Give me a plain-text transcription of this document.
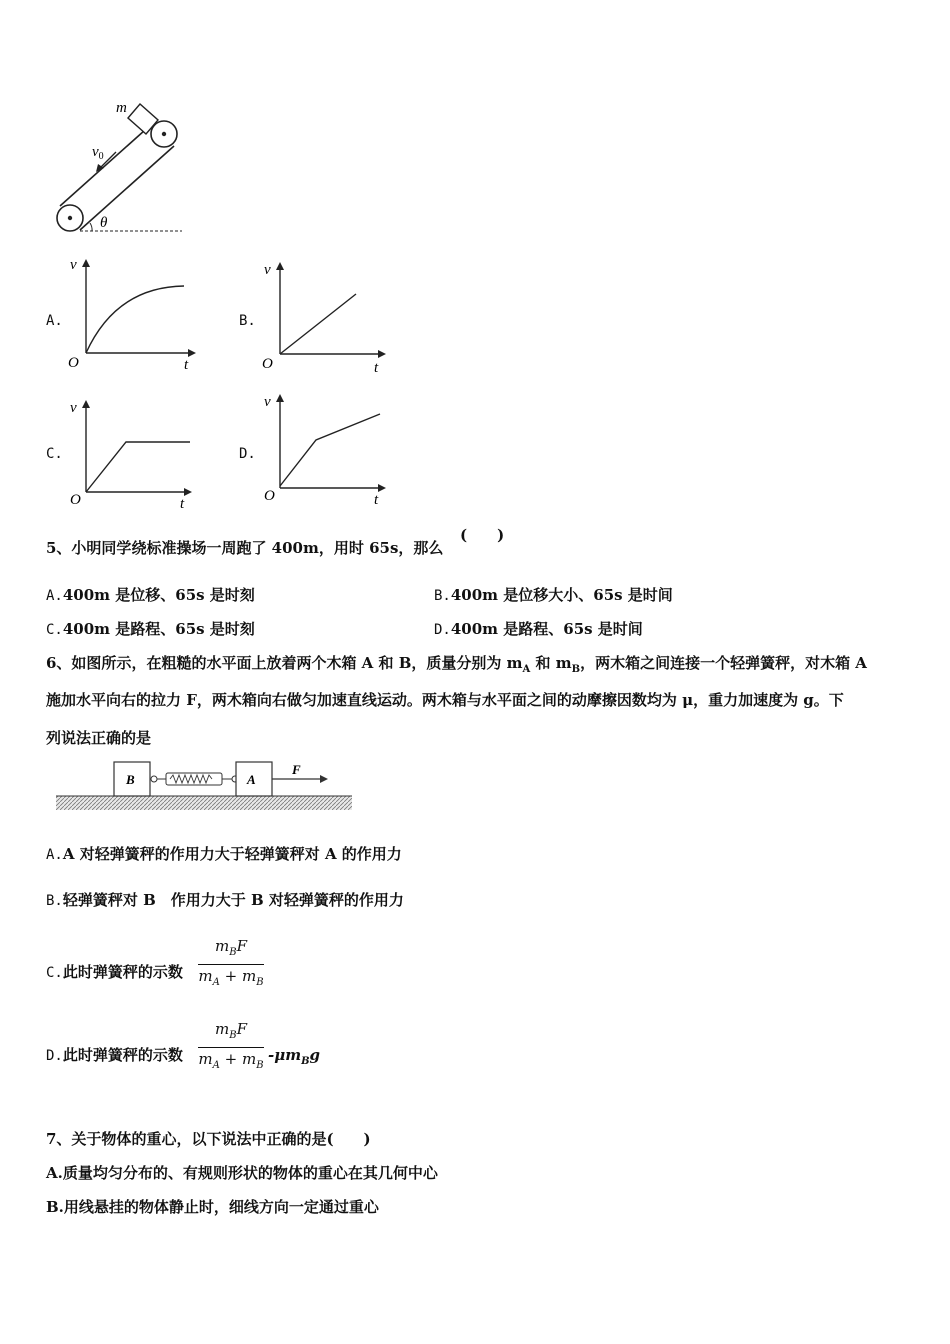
m
$v_0$
θ
A.
v
O	t
B.
v
O	t
C.
v
O	t
D.
v
O	t
5、小明同学绕标准操场一周跑了 400m，用时 65s，那么
(　　)
A.400m 是位移、65s 是时刻	B.400m 是位移大小、65s 是时间
C.400m 是路程、65s 是时刻	D.400m 是路程、65s 是时间
6、如图所示，在粗糙的水平面上放着两个木箱 A 和 B，质量分别为 $m_A$ 和 $m_B$，两木箱之间连接一个轻弹簧秤，对木箱 A
施加水平向右的拉力 F，两木箱向右做匀加速直线运动。两木箱与水平面之间的动摩擦因数均为 μ，重力加速度为 g。下
列说法正确的是
B	A
F
A.A 对轻弹簧秤的作用力大于轻弹簧秤对 A 的作用力
B.轻弹簧秤对 B　作用力大于 B 对轻弹簧秤的作用力
C.此时弹簧秤的示数
$m_BF$
$m_A + m_B$
D.此时弹簧秤的示数
$m_BF$
$m_A + m_B$
$-\mu m_Bg$
7、关于物体的重心，以下说法中正确的是(　　)
A.质量均匀分布的、有规则形状的物体的重心在其几何中心
B.用线悬挂的物体静止时，细线方向一定通过重心
